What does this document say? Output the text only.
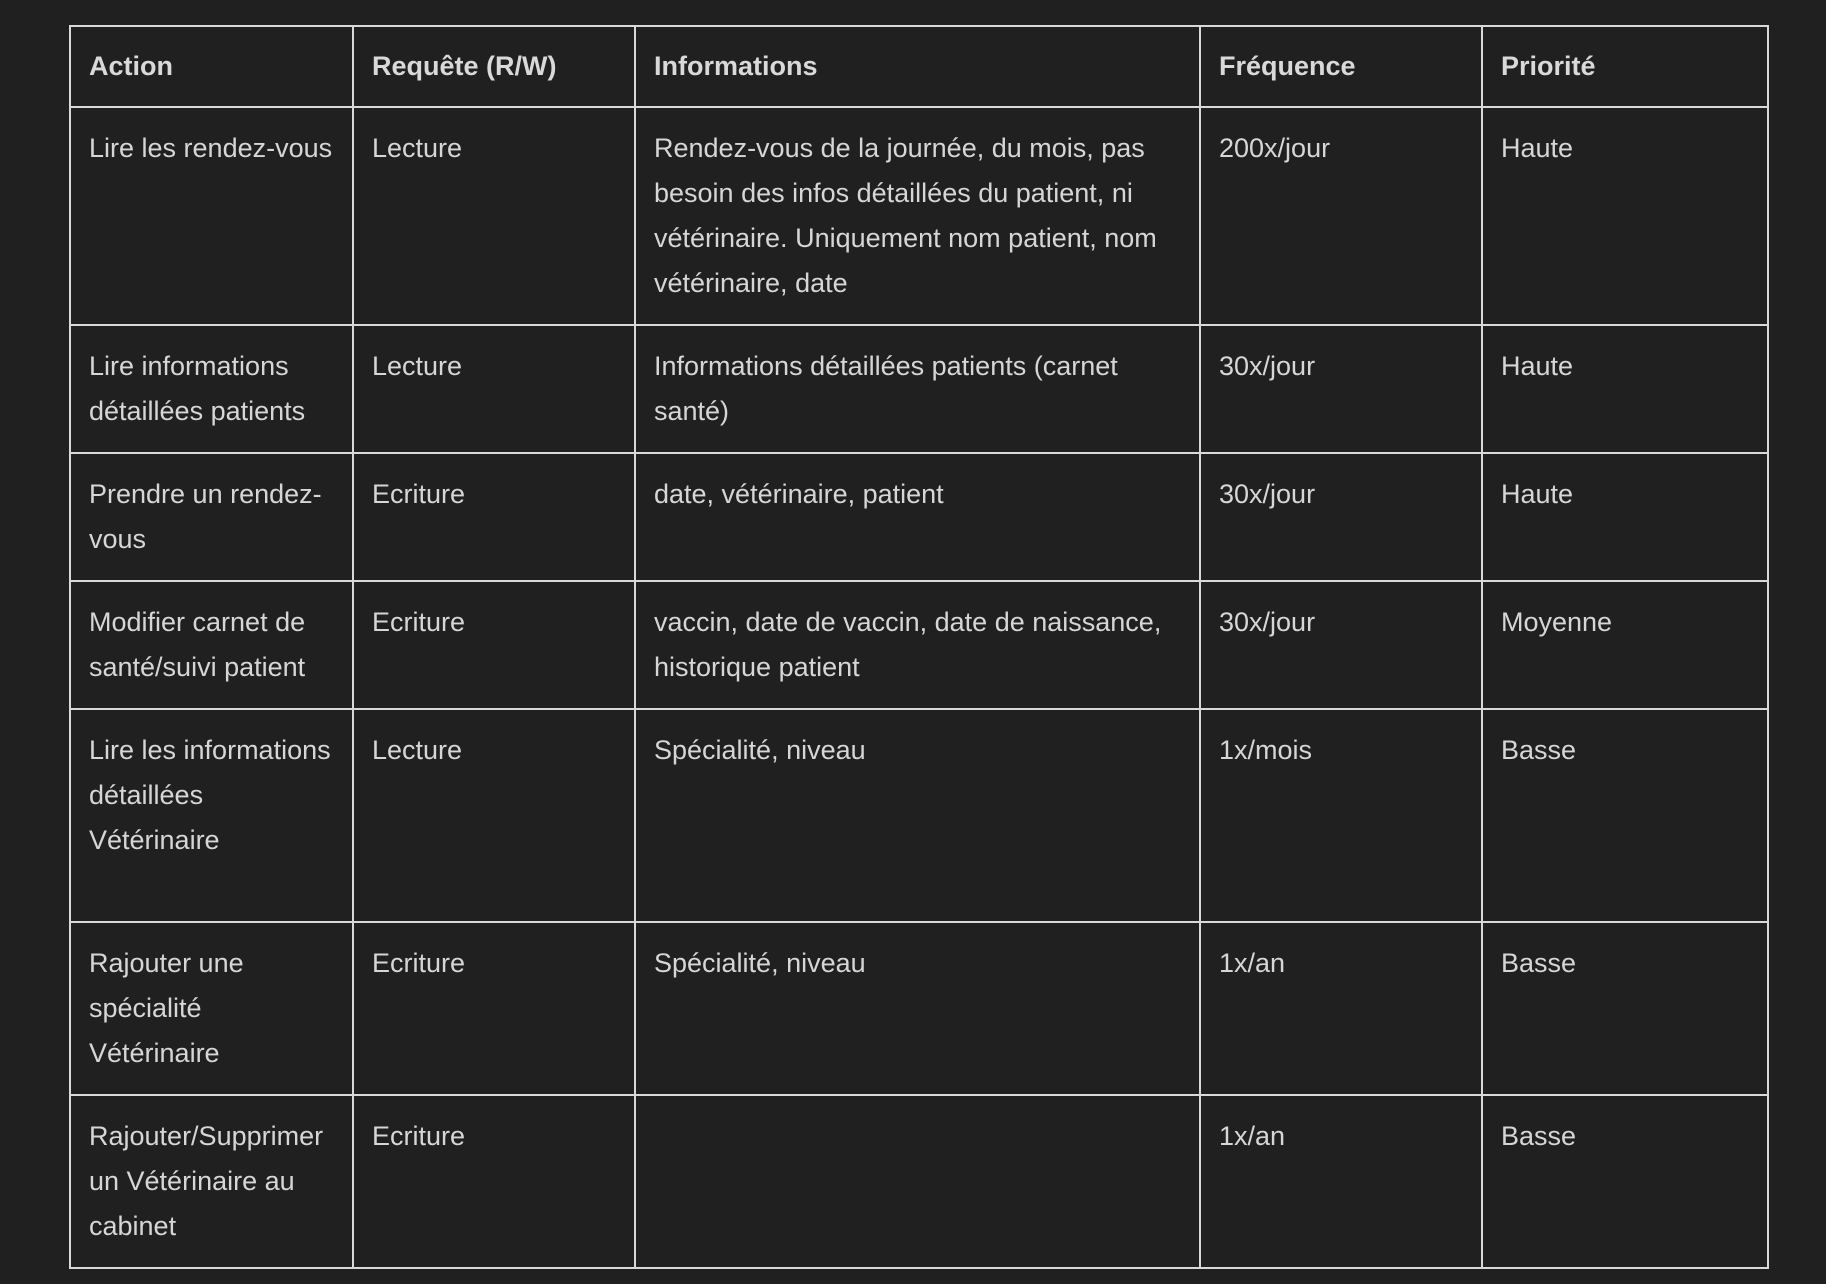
Action	Requête (R/W)	Informations	Fréquence	Priorité
Lire les rendez-vous	Lecture	Rendez-vous de la journée, du mois, pas besoin des infos détaillées du patient, ni vétérinaire. Uniquement nom patient, nom vétérinaire, date	200x/jour	Haute
Lire informations détaillées patients	Lecture	Informations détaillées patients (carnet santé)	30x/jour	Haute
Prendre un rendez-vous	Ecriture	date, vétérinaire, patient	30x/jour	Haute
Modifier carnet de santé/suivi patient	Ecriture	vaccin, date de vaccin, date de naissance, historique patient	30x/jour	Moyenne
Lire les informations détaillées Vétérinaire	Lecture	Spécialité, niveau	1x/mois	Basse
Rajouter une spécialité Vétérinaire	Ecriture	Spécialité, niveau	1x/an	Basse
Rajouter/Supprimer un Vétérinaire au cabinet	Ecriture		1x/an	Basse
